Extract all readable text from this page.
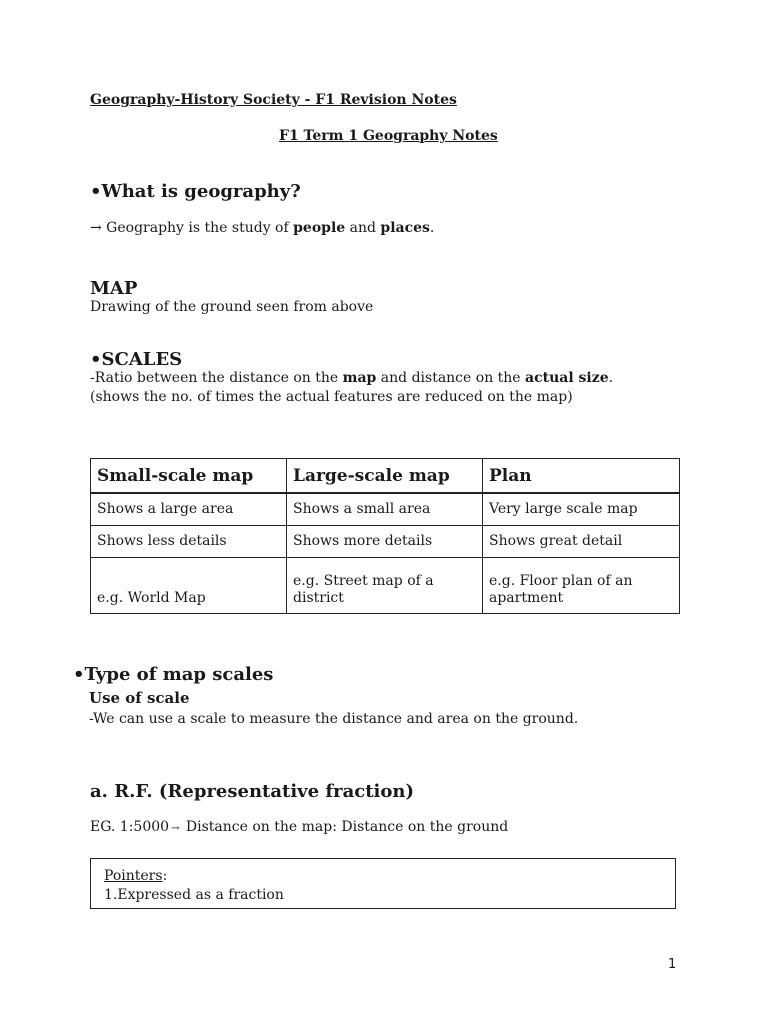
Geography-History Society - F1 Revision Notes
F1 Term 1 Geography Notes
•What is geography?
→ Geography is the study of people and places.
MAP
Drawing of the ground seen from above
•SCALES
-Ratio between the distance on the map and distance on the actual size.
(shows the no. of times the actual features are reduced on the map)
Small-scale map	Large-scale map	Plan
Shows a large area	Shows a small area	Very large scale map
Shows less details	Shows more details	Shows great detail
e.g. World Map	e.g. Street map of a district	e.g. Floor plan of an apartment
•Type of map scales
Use of scale
-We can use a scale to measure the distance and area on the ground.
a. R.F. (Representative fraction)
EG. 1:5000 → Distance on the map: Distance on the ground
Pointers:
1.Expressed as a fraction
1
